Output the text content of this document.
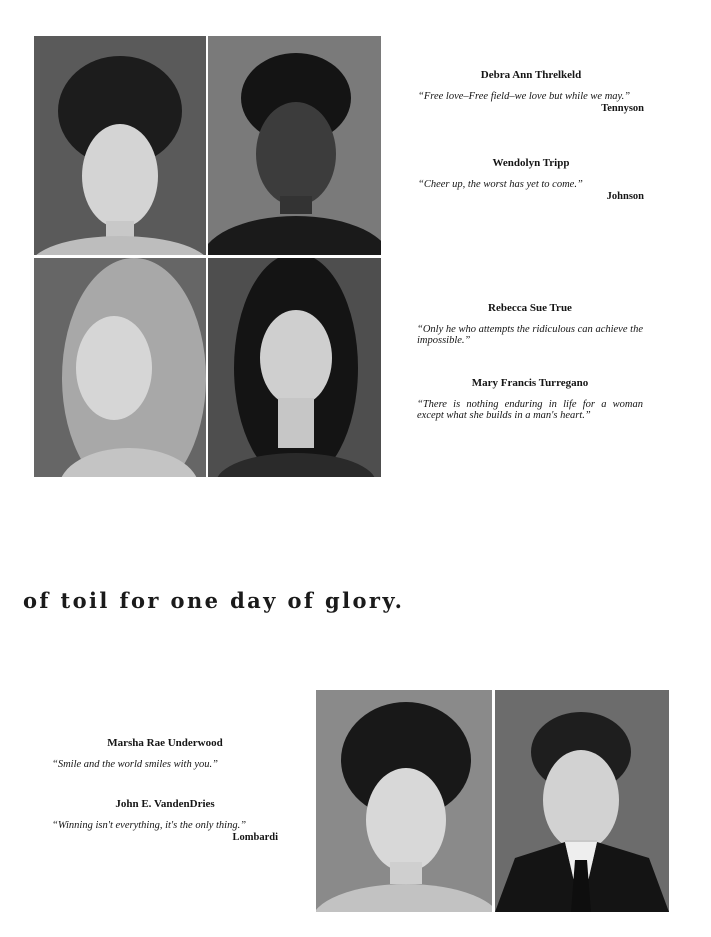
Debra Ann Threlkeld
“Free love–Free field–we love but while we may.”
Tennyson
Wendolyn Tripp
“Cheer up, the worst has yet to come.”
Johnson
Rebecca Sue True
“Only he who attempts the ridiculous can achieve the impossible.”
Mary Francis Turregano
“There is nothing enduring in life for a woman except what she builds in a man's heart.”
of toil for one day of glory.
Marsha Rae Underwood
“Smile and the world smiles with you.”
John E. VandenDries
“Winning isn't everything, it's the only thing.”
Lombardi
